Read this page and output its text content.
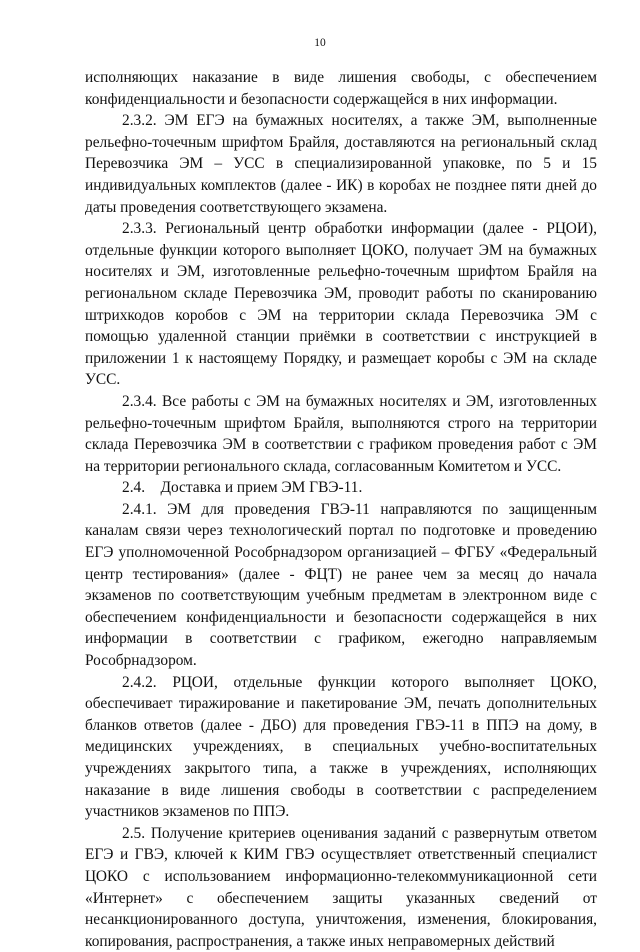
10

исполняющих наказание в виде лишения свободы, с обеспечением конфиденциальности и безопасности содержащейся в них информации.

2.3.2. ЭМ ЕГЭ на бумажных носителях, а также ЭМ, выполненные рельефно-точечным шрифтом Брайля, доставляются на региональный склад Перевозчика ЭМ – УСС в специализированной упаковке, по 5 и 15 индивидуальных комплектов (далее - ИК) в коробах не позднее пяти дней до даты проведения соответствующего экзамена.

2.3.3. Региональный центр обработки информации (далее - РЦОИ), отдельные функции которого выполняет ЦОКО, получает ЭМ на бумажных носителях и ЭМ, изготовленные рельефно-точечным шрифтом Брайля на региональном складе Перевозчика ЭМ, проводит работы по сканированию штрихкодов коробов с ЭМ на территории склада Перевозчика ЭМ с помощью удаленной станции приёмки в соответствии с инструкцией в приложении 1 к настоящему Порядку, и размещает коробы с ЭМ на складе УСС.

2.3.4. Все работы с ЭМ на бумажных носителях и ЭМ, изготовленных рельефно-точечным шрифтом Брайля, выполняются строго на территории склада Перевозчика ЭМ в соответствии с графиком проведения работ с ЭМ на территории регионального склада, согласованным Комитетом и УСС.

2.4.    Доставка и прием ЭМ ГВЭ-11.

2.4.1. ЭМ для проведения ГВЭ-11 направляются по защищенным каналам связи через технологический портал по подготовке и проведению ЕГЭ уполномоченной Рособрнадзором организацией – ФГБУ «Федеральный центр тестирования» (далее - ФЦТ) не ранее чем за месяц до начала экзаменов по соответствующим учебным предметам в электронном виде с обеспечением конфиденциальности и безопасности содержащейся в них информации в соответствии с графиком, ежегодно направляемым Рособрнадзором.

2.4.2. РЦОИ, отдельные функции которого выполняет ЦОКО, обеспечивает тиражирование и пакетирование ЭМ, печать дополнительных бланков ответов (далее - ДБО) для проведения ГВЭ-11 в ППЭ на дому, в медицинских учреждениях, в специальных учебно-воспитательных учреждениях закрытого типа, а также в учреждениях, исполняющих наказание в виде лишения свободы в соответствии с распределением участников экзаменов по ППЭ.

2.5. Получение критериев оценивания заданий с развернутым ответом ЕГЭ и ГВЭ, ключей к КИМ ГВЭ осуществляет ответственный специалист ЦОКО с использованием информационно-телекоммуникационной сети «Интернет» с обеспечением защиты указанных сведений от несанкционированного доступа, уничтожения, изменения, блокирования, копирования, распространения, а также иных неправомерных действий
